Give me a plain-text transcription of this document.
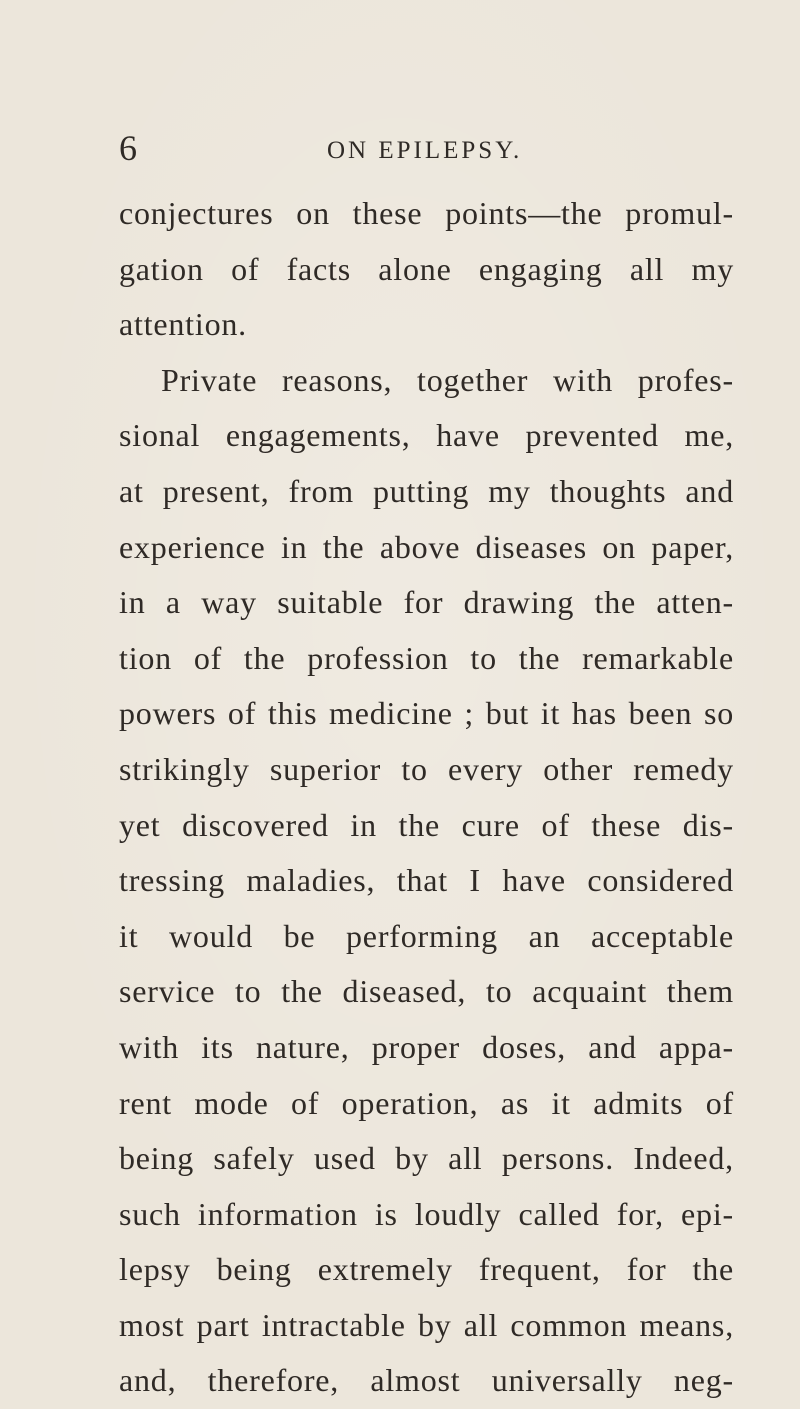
6	ON EPILEPSY.
conjectures on these points—the promul-
gation of facts alone engaging all my
attention.
Private reasons, together with profes-
sional engagements, have prevented me,
at present, from putting my thoughts and
experience in the above diseases on paper,
in a way suitable for drawing the atten-
tion of the profession to the remarkable
powers of this medicine ; but it has been so
strikingly superior to every other remedy
yet discovered in the cure of these dis-
tressing maladies, that I have considered
it would be performing an acceptable
service to the diseased, to acquaint them
with its nature, proper doses, and appa-
rent mode of operation, as it admits of
being safely used by all persons. Indeed,
such information is loudly called for, epi-
lepsy being extremely frequent, for the
most part intractable by all common means,
and, therefore, almost universally neg-
